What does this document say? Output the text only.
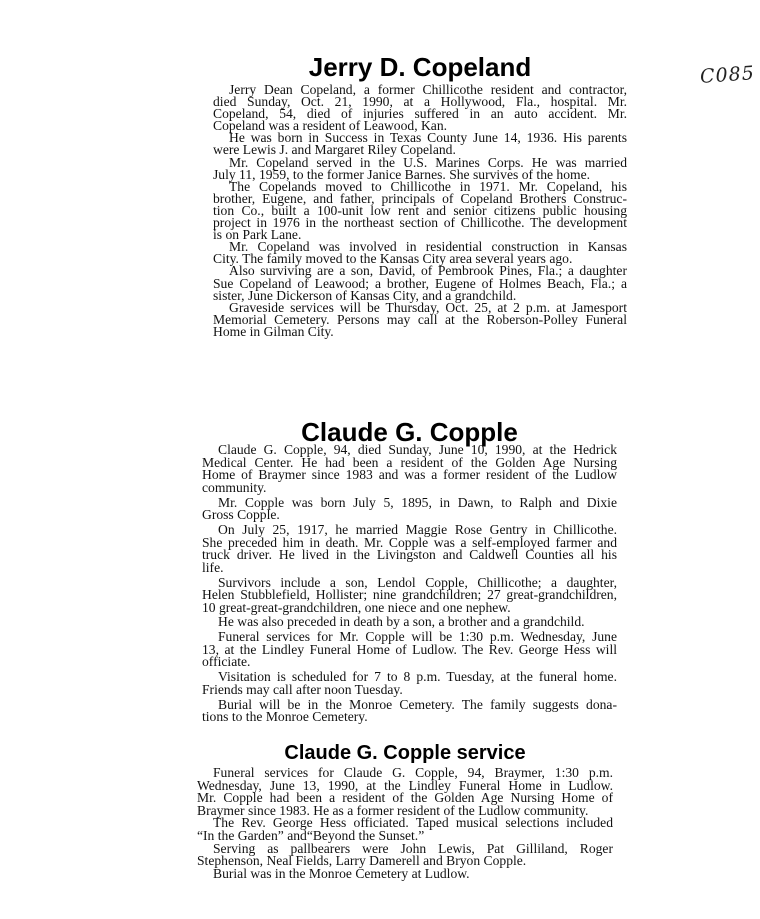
C085
Jerry D. Copeland
Jerry Dean Copeland, a former Chillicothe resident and contractor,
died Sunday, Oct. 21, 1990, at a Hollywood, Fla., hospital. Mr.
Copeland, 54, died of injuries suffered in an auto accident. Mr.
Copeland was a resident of Leawood, Kan.
He was born in Success in Texas County June 14, 1936. His parents
were Lewis J. and Margaret Riley Copeland.
Mr. Copeland served in the U.S. Marines Corps. He was married
July 11, 1959, to the former Janice Barnes. She survives of the home.
The Copelands moved to Chillicothe in 1971. Mr. Copeland, his
brother, Eugene, and father, principals of Copeland Brothers Construc-
tion Co., built a 100-unit low rent and senior citizens public housing
project in 1976 in the northeast section of Chillicothe. The development
is on Park Lane.
Mr. Copeland was involved in residential construction in Kansas
City. The family moved to the Kansas City area several years ago.
Also surviving are a son, David, of Pembrook Pines, Fla.; a daughter
Sue Copeland of Leawood; a brother, Eugene of Holmes Beach, Fla.; a
sister, June Dickerson of Kansas City, and a grandchild.
Graveside services will be Thursday, Oct. 25, at 2 p.m. at Jamesport
Memorial Cemetery. Persons may call at the Roberson-Polley Funeral
Home in Gilman City.
Claude G. Copple
Claude G. Copple, 94, died Sunday, June 10, 1990, at the Hedrick
Medical Center. He had been a resident of the Golden Age Nursing
Home of Braymer since 1983 and was a former resident of the Ludlow
community.
Mr. Copple was born July 5, 1895, in Dawn, to Ralph and Dixie
Gross Copple.
On July 25, 1917, he married Maggie Rose Gentry in Chillicothe.
She preceded him in death. Mr. Copple was a self-employed farmer and
truck driver. He lived in the Livingston and Caldwell Counties all his
life.
Survivors include a son, Lendol Copple, Chillicothe; a daughter,
Helen Stubblefield, Hollister; nine grandchildren; 27 great-grandchildren,
10 great-great-grandchildren, one niece and one nephew.
He was also preceded in death by a son, a brother and a grandchild.
Funeral services for Mr. Copple will be 1:30 p.m. Wednesday, June
13, at the Lindley Funeral Home of Ludlow. The Rev. George Hess will
officiate.
Visitation is scheduled for 7 to 8 p.m. Tuesday, at the funeral home.
Friends may call after noon Tuesday.
Burial will be in the Monroe Cemetery. The family suggests dona-
tions to the Monroe Cemetery.
Claude G. Copple service
Funeral services for Claude G. Copple, 94, Braymer, 1:30 p.m.
Wednesday, June 13, 1990, at the Lindley Funeral Home in Ludlow.
Mr. Copple had been a resident of the Golden Age Nursing Home of
Braymer since 1983. He as a former resident of the Ludlow community.
The Rev. George Hess officiated. Taped musical selections included
“In the Garden” and“Beyond the Sunset.”
Serving as pallbearers were John Lewis, Pat Gilliland, Roger
Stephenson, Neal Fields, Larry Damerell and Bryon Copple.
Burial was in the Monroe Cemetery at Ludlow.
